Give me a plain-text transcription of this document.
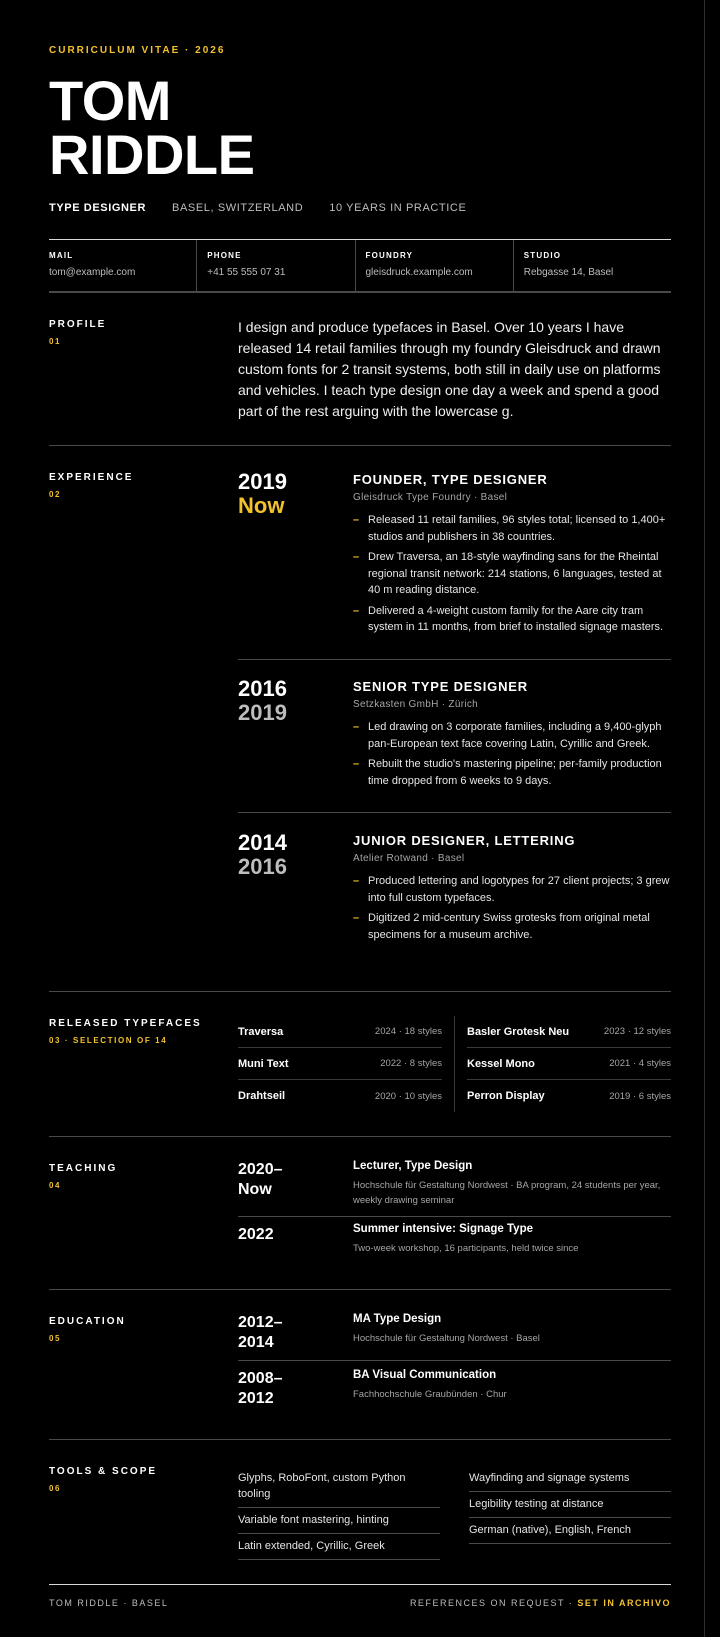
CURRICULUM VITAE · 2026
TOM
RIDDLE
TYPE DESIGNER BASEL, SWITZERLAND 10 YEARS IN PRACTICE
MAIL
tom@example.com
PHONE
+41 55 555 07 31
FOUNDRY
gleisdruck.example.com
STUDIO
Rebgasse 14, Basel
PROFILE
01
I design and produce typefaces in Basel. Over 10 years I have released 14 retail families through my foundry Gleisdruck and drawn custom fonts for 2 transit systems, both still in daily use on platforms and vehicles. I teach type design one day a week and spend a good part of the rest arguing with the lowercase g.
EXPERIENCE
02
2019
Now
FOUNDER, TYPE DESIGNER
Gleisdruck Type Foundry · Basel
– Released 11 retail families, 96 styles total; licensed to 1,400+ studios and publishers in 38 countries.
– Drew Traversa, an 18-style wayfinding sans for the Rheintal regional transit network: 214 stations, 6 languages, tested at 40 m reading distance.
– Delivered a 4-weight custom family for the Aare city tram system in 11 months, from brief to installed signage masters.
2016
2019
SENIOR TYPE DESIGNER
Setzkasten GmbH · Zürich
– Led drawing on 3 corporate families, including a 9,400-glyph pan-European text face covering Latin, Cyrillic and Greek.
– Rebuilt the studio's mastering pipeline; per-family production time dropped from 6 weeks to 9 days.
2014
2016
JUNIOR DESIGNER, LETTERING
Atelier Rotwand · Basel
– Produced lettering and logotypes for 27 client projects; 3 grew into full custom typefaces.
– Digitized 2 mid-century Swiss grotesks from original metal specimens for a museum archive.
RELEASED TYPEFACES
03 · SELECTION OF 14
Traversa	2024 · 18 styles
Muni Text	2022 · 8 styles
Drahtseil	2020 · 10 styles
Basler Grotesk Neu	2023 · 12 styles
Kessel Mono	2021 · 4 styles
Perron Display	2019 · 6 styles
TEACHING
04
2020–
Now
Lecturer, Type Design
Hochschule für Gestaltung Nordwest · BA program, 24 students per year, weekly drawing seminar
2022	Summer intensive: Signage Type
Two-week workshop, 16 participants, held twice since
EDUCATION
05
2012–
2014
MA Type Design
Hochschule für Gestaltung Nordwest · Basel
2008–
2012
BA Visual Communication
Fachhochschule Graubünden · Chur
TOOLS & SCOPE
06
Glyphs, RoboFont, custom Python tooling
Variable font mastering, hinting
Latin extended, Cyrillic, Greek
Wayfinding and signage systems
Legibility testing at distance
German (native), English, French
TOM RIDDLE · BASEL	REFERENCES ON REQUEST · SET IN ARCHIVO
